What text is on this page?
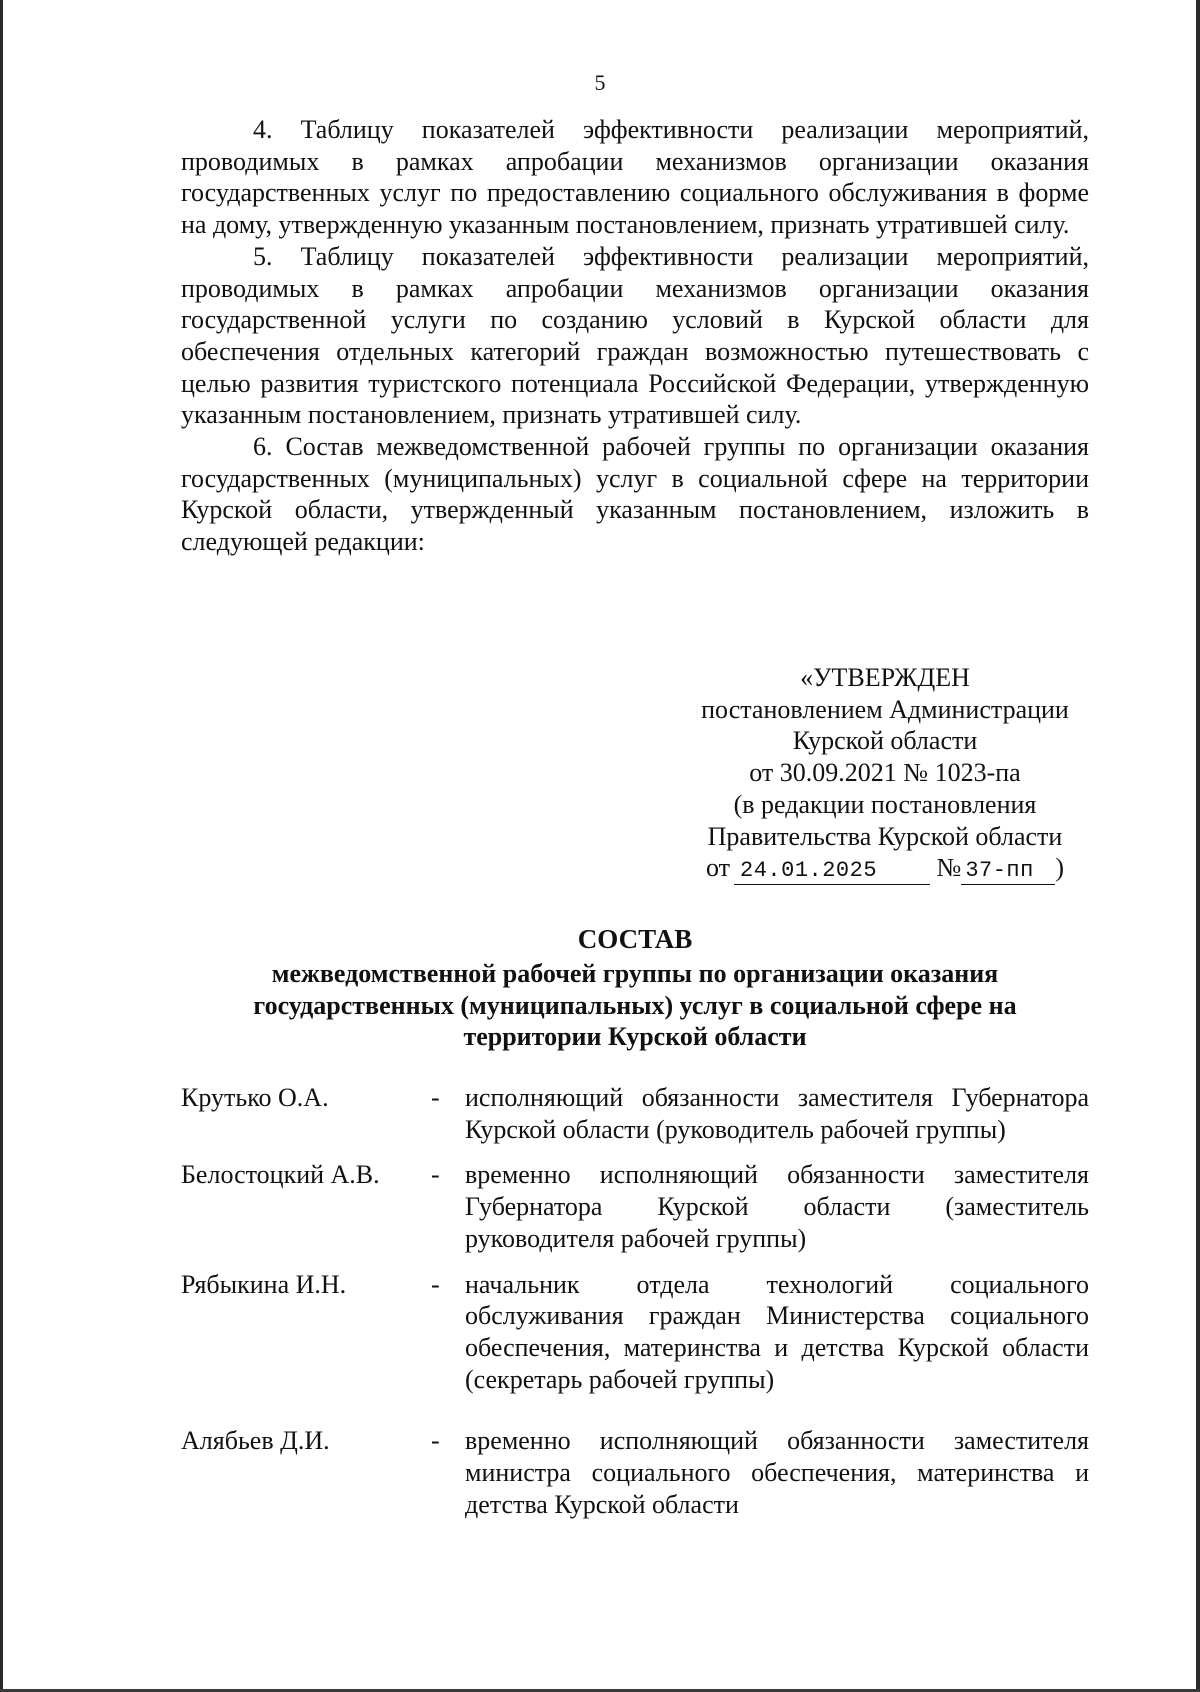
5

4. Таблицу показателей эффективности реализации мероприятий, проводимых в рамках апробации механизмов организации оказания государственных услуг по предоставлению социального обслуживания в форме на дому, утвержденную указанным постановлением, признать утратившей силу.

5. Таблицу показателей эффективности реализации мероприятий, проводимых в рамках апробации механизмов организации оказания государственной услуги по созданию условий в Курской области для обеспечения отдельных категорий граждан возможностью путешествовать с целью развития туристского потенциала Российской Федерации, утвержденную указанным постановлением, признать утратившей силу.

6. Состав межведомственной рабочей группы по организации оказания государственных (муниципальных) услуг в социальной сфере на территории Курской области, утвержденный указанным постановлением, изложить в следующей редакции:

«УТВЕРЖДЕН
постановлением Администрации
Курской области
от 30.09.2021 № 1023-па
(в редакции постановления
Правительства Курской области
от 24.01.2025 № 37-пп )
СОСТАВ
межведомственной рабочей группы по организации оказания государственных (муниципальных) услуг в социальной сфере на территории Курской области
Крутько О.А.	- исполняющий обязанности заместителя Губернатора Курской области (руководитель рабочей группы)
Белостоцкий А.В.	- временно исполняющий обязанности заместителя Губернатора Курской области (заместитель руководителя рабочей группы)
Рябыкина И.Н.	- начальник отдела технологий социального обслуживания граждан Министерства социального обеспечения, материнства и детства Курской области (секретарь рабочей группы)
Алябьев Д.И.	- временно исполняющий обязанности заместителя министра социального обеспечения, материнства и детства Курской области
